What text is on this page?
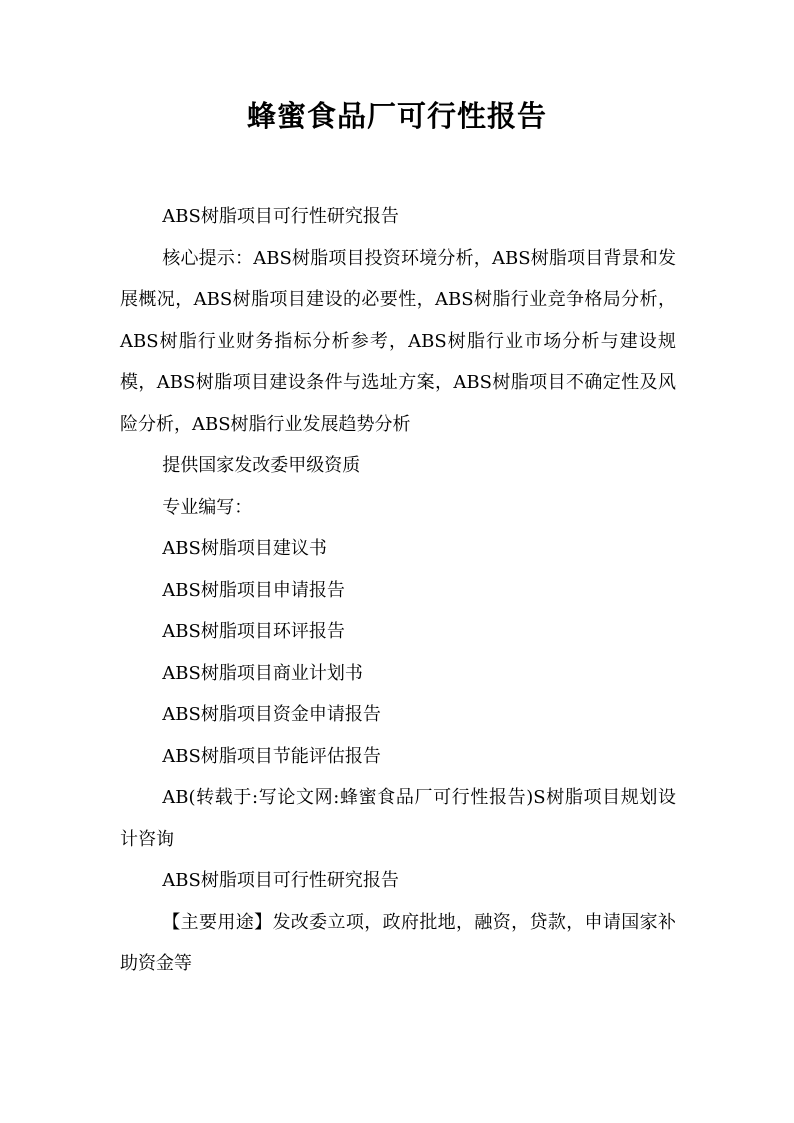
蜂蜜食品厂可行性报告

ABS树脂项目可行性研究报告

核心提示：ABS树脂项目投资环境分析，ABS树脂项目背景和发展概况，ABS树脂项目建设的必要性，ABS树脂行业竞争格局分析，ABS树脂行业财务指标分析参考，ABS树脂行业市场分析与建设规模，ABS树脂项目建设条件与选址方案，ABS树脂项目不确定性及风险分析，ABS树脂行业发展趋势分析

提供国家发改委甲级资质

专业编写：

ABS树脂项目建议书

ABS树脂项目申请报告

ABS树脂项目环评报告

ABS树脂项目商业计划书

ABS树脂项目资金申请报告

ABS树脂项目节能评估报告

AB(转载于:写论文网:蜂蜜食品厂可行性报告)S树脂项目规划设计咨询

ABS树脂项目可行性研究报告

【主要用途】发改委立项，政府批地，融资，贷款，申请国家补助资金等
